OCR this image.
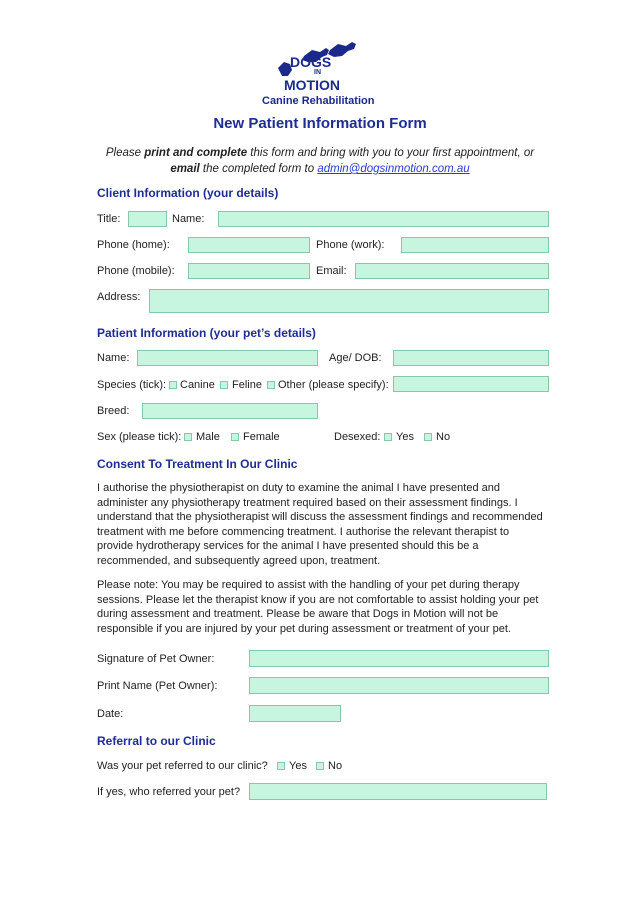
DOGS
IN
MOTION
Canine Rehabilitation
New Patient Information Form
Please print and complete this form and bring with you to your first appointment, or
email the completed form to admin@dogsinmotion.com.au
Client Information (your details)
Title:	Name:
Phone (home):	Phone (work):
Phone (mobile):	Email:
Address:
Patient Information (your pet’s details)
Name:	Age/ DOB:
Species (tick): Canine Feline Other (please specify):
Breed:
Sex (please tick): Male Female	Desexed: Yes No
Consent To Treatment In Our Clinic
I authorise the physiotherapist on duty to examine the animal I have presented and
administer any physiotherapy treatment required based on their assessment findings. I
understand that the physiotherapist will discuss the assessment findings and recommended
treatment with me before commencing treatment. I authorise the relevant therapist to
provide hydrotherapy services for the animal I have presented should this be a
recommended, and subsequently agreed upon, treatment.
Please note: You may be required to assist with the handling of your pet during therapy
sessions. Please let the therapist know if you are not comfortable to assist holding your pet
during assessment and treatment. Please be aware that Dogs in Motion will not be
responsible if you are injured by your pet during assessment or treatment of your pet.
Signature of Pet Owner:
Print Name (Pet Owner):
Date:
Referral to our Clinic
Was your pet referred to our clinic? Yes No
If yes, who referred your pet?
